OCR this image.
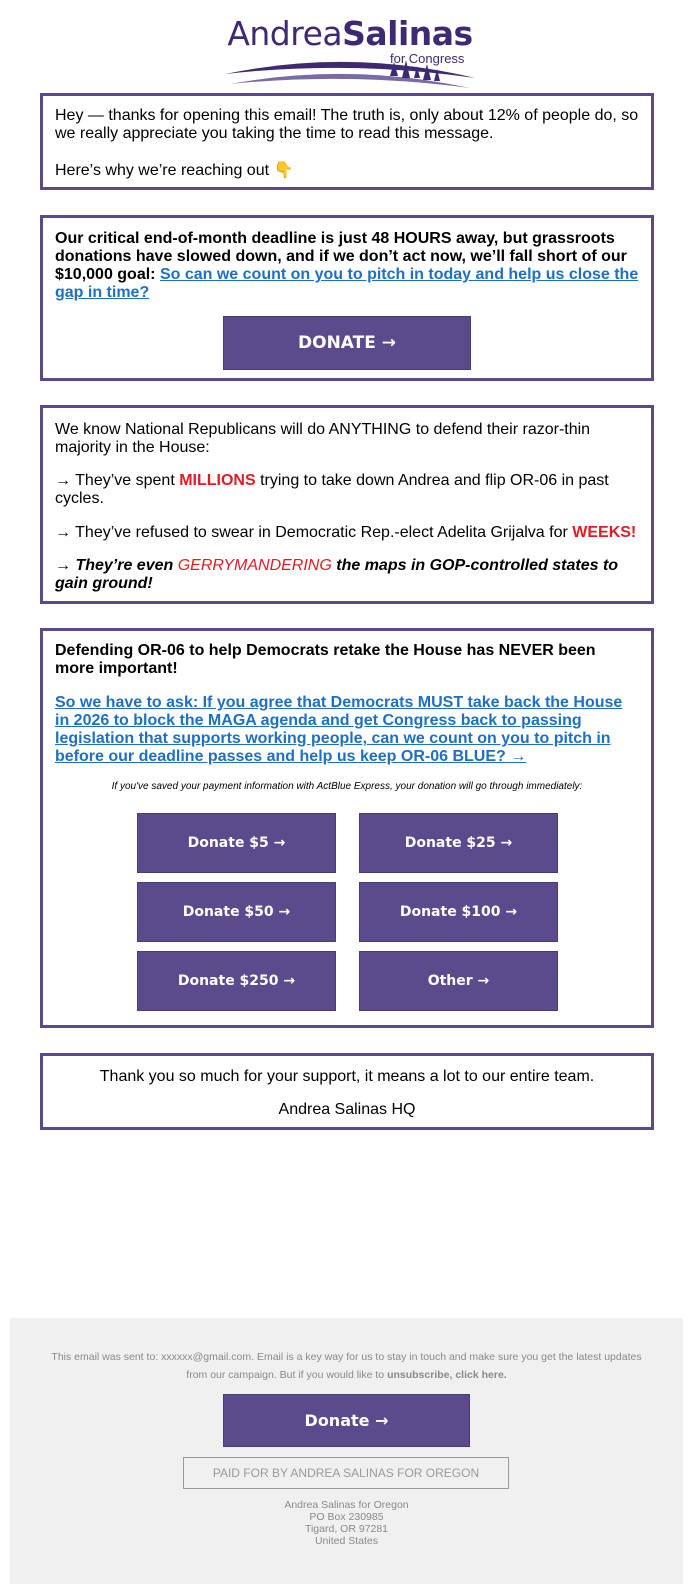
AndreaSalinas
for Congress

Hey — thanks for opening this email! The truth is, only about 12% of people do, so we really appreciate you taking the time to read this message.

Here’s why we’re reaching out 👇

Our critical end-of-month deadline is just 48 HOURS away, but grassroots donations have slowed down, and if we don’t act now, we’ll fall short of our $10,000 goal: So can we count on you to pitch in today and help us close the gap in time?

DONATE →

We know National Republicans will do ANYTHING to defend their razor-thin majority in the House:

→ They’ve spent MILLIONS trying to take down Andrea and flip OR-06 in past cycles.

→ They’ve refused to swear in Democratic Rep.-elect Adelita Grijalva for WEEKS!

→ They’re even GERRYMANDERING the maps in GOP-controlled states to gain ground!

Defending OR-06 to help Democrats retake the House has NEVER been more important!

So we have to ask: If you agree that Democrats MUST take back the House in 2026 to block the MAGA agenda and get Congress back to passing legislation that supports working people, can we count on you to pitch in before our deadline passes and help us keep OR-06 BLUE? →

If you've saved your payment information with ActBlue Express, your donation will go through immediately:
Donate $5 →	Donate $25 →
Donate $50 →	Donate $100 →
Donate $250 →	Other →

Thank you so much for your support, it means a lot to our entire team.

Andrea Salinas HQ

This email was sent to: xxxxxx@gmail.com. Email is a key way for us to stay in touch and make sure you get the latest updates from our campaign. But if you would like to unsubscribe, click here.
Donate →
PAID FOR BY ANDREA SALINAS FOR OREGON
Andrea Salinas for Oregon
PO Box 230985
Tigard, OR 97281
United States
